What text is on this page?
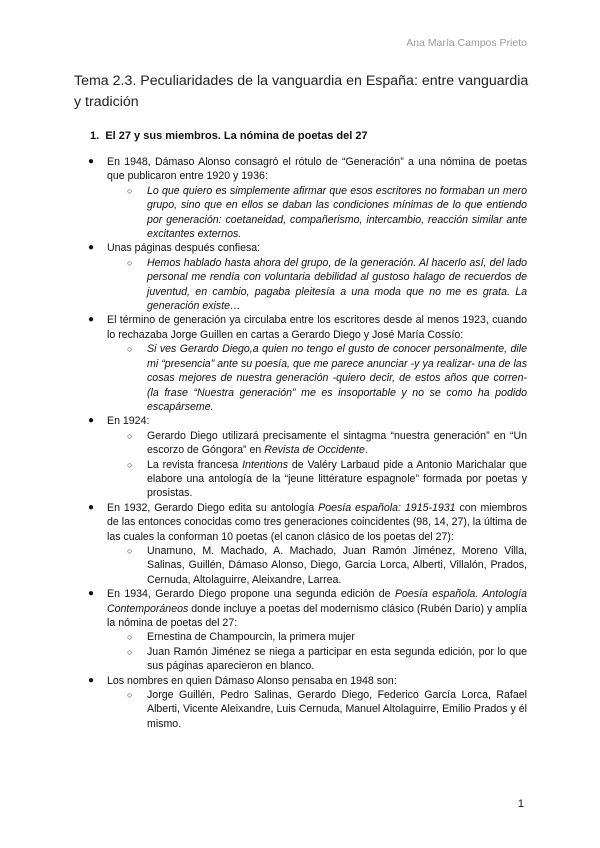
Ana María Campos Prieto
Tema 2.3. Peculiaridades de la vanguardia en España: entre vanguardia y tradición
1. El 27 y sus miembros. La nómina de poetas del 27
● En 1948, Dámaso Alonso consagró el rótulo de “Generación” a una nómina de poetas que publicaron entre 1920 y 1936:
○ Lo que quiero es simplemente afirmar que esos escritores no formaban un mero grupo, sino que en ellos se daban las condiciones mínimas de lo que entiendo por generación: coetaneidad, compañerismo, intercambio, reacción similar ante excitantes externos.
● Unas páginas después confiesa:
○ Hemos hablado hasta ahora del grupo, de la generación. Al hacerlo así, del lado personal me rendía con voluntaria debilidad al gustoso halago de recuerdos de juventud, en cambio, pagaba pleitesía a una moda que no me es grata. La generación existe…
● El término de generación ya circulaba entre los escritores desde al menos 1923, cuando lo rechazaba Jorge Guillen en cartas a Gerardo Diego y José María Cossío:
○ Si ves Gerardo Diego,a quien no tengo el gusto de conocer personalmente, dile mi “presencia” ante su poesía, que me parece anunciar -y ya realizar- una de las cosas mejores de nuestra generación -quiero decir, de estos años que corren- (la frase “Nuestra generación” me es insoportable y no se como ha podido escapárseme.
● En 1924:
○ Gerardo Diego utilizará precisamente el sintagma “nuestra generación” en “Un escorzo de Góngora” en Revista de Occidente.
○ La revista francesa Intentions de Valéry Larbaud pide a Antonio Marichalar que elabore una antología de la “jeune littérature espagnole” formada por poetas y prosistas.
● En 1932, Gerardo Diego edita su antología Poesía española: 1915-1931 con miembros de las entonces conocidas como tres generaciones coincidentes (98, 14, 27), la última de las cuales la conforman 10 poetas (el canon clásico de los poetas del 27):
○ Unamuno, M. Machado, A. Machado, Juan Ramón Jiménez, Moreno Villa, Salinas, Guillén, Dámaso Alonso, Diego, Garcia Lorca, Alberti, Villalón, Prados, Cernuda, Altolaguirre, Aleixandre, Larrea.
● En 1934, Gerardo Diego propone una segunda edición de Poesía española. Antología Contemporáneos donde incluye a poetas del modernismo clásico (Rubén Darío) y amplía la nómina de poetas del 27:
○ Ernestina de Champourcin, la primera mujer
○ Juan Ramón Jiménez se niega a participar en esta segunda edición, por lo que sus páginas aparecieron en blanco.
● Los nombres en quien Dámaso Alonso pensaba en 1948 son:
○ Jorge Guillén, Pedro Salinas, Gerardo Diego, Federico García Lorca, Rafael Alberti, Vicente Aleixandre, Luis Cernuda, Manuel Altolaguirre, Emilio Prados y él mismo.
1
